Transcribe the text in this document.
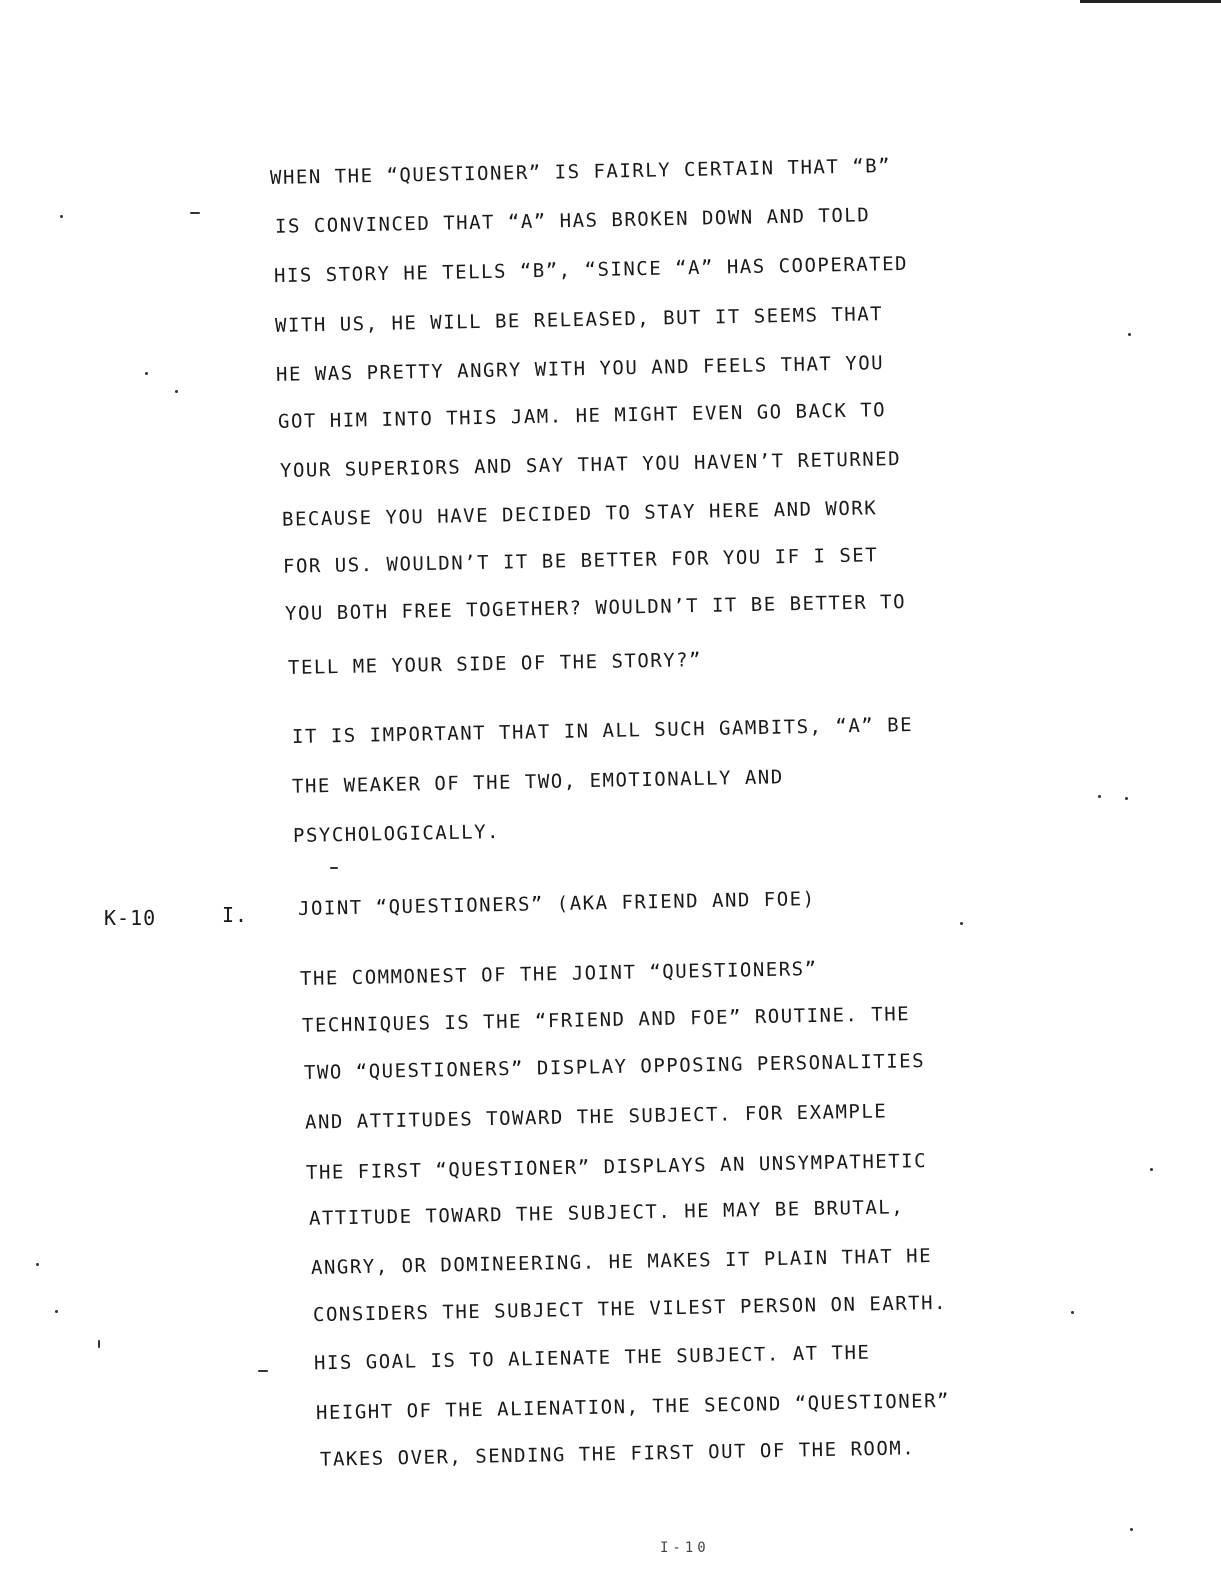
WHEN THE “QUESTIONER” IS FAIRLY CERTAIN THAT “B”
IS CONVINCED THAT “A” HAS BROKEN DOWN AND TOLD
HIS STORY HE TELLS “B”, “SINCE “A” HAS COOPERATED
WITH US, HE WILL BE RELEASED, BUT IT SEEMS THAT
HE WAS PRETTY ANGRY WITH YOU AND FEELS THAT YOU
GOT HIM INTO THIS JAM. HE MIGHT EVEN GO BACK TO
YOUR SUPERIORS AND SAY THAT YOU HAVEN’T RETURNED
BECAUSE YOU HAVE DECIDED TO STAY HERE AND WORK
FOR US. WOULDN’T IT BE BETTER FOR YOU IF I SET
YOU BOTH FREE TOGETHER? WOULDN’T IT BE BETTER TO
TELL ME YOUR SIDE OF THE STORY?”
IT IS IMPORTANT THAT IN ALL SUCH GAMBITS, “A” BE
THE WEAKER OF THE TWO, EMOTIONALLY AND
PSYCHOLOGICALLY.
K-10	I.	JOINT “QUESTIONERS” (AKA FRIEND AND FOE)
THE COMMONEST OF THE JOINT “QUESTIONERS”
TECHNIQUES IS THE “FRIEND AND FOE” ROUTINE. THE
TWO “QUESTIONERS” DISPLAY OPPOSING PERSONALITIES
AND ATTITUDES TOWARD THE SUBJECT. FOR EXAMPLE
THE FIRST “QUESTIONER” DISPLAYS AN UNSYMPATHETIC
ATTITUDE TOWARD THE SUBJECT. HE MAY BE BRUTAL,
ANGRY, OR DOMINEERING. HE MAKES IT PLAIN THAT HE
CONSIDERS THE SUBJECT THE VILEST PERSON ON EARTH.
HIS GOAL IS TO ALIENATE THE SUBJECT. AT THE
HEIGHT OF THE ALIENATION, THE SECOND “QUESTIONER”
TAKES OVER, SENDING THE FIRST OUT OF THE ROOM.
I-10
